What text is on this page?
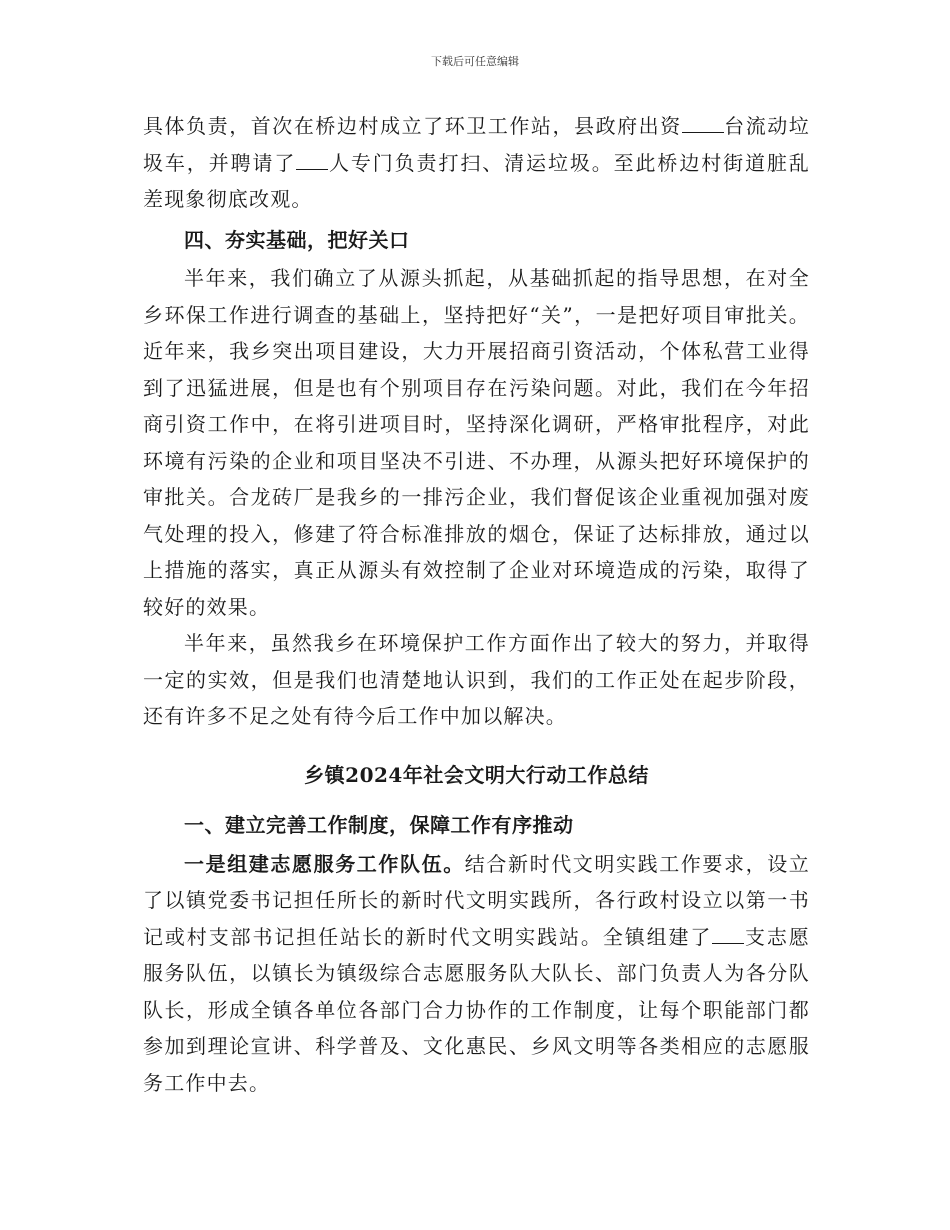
下载后可任意编辑

具体负责，首次在桥边村成立了环卫工作站，县政府出资 台流动垃圾车，并聘请了 人专门负责打扫、清运垃圾。至此桥边村街道脏乱差现象彻底改观。

四、夯实基础，把好关口

半年来，我们确立了从源头抓起，从基础抓起的指导思想，在对全乡环保工作进行调查的基础上，坚持把好“关”，一是把好项目审批关。近年来，我乡突出项目建设，大力开展招商引资活动，个体私营工业得到了迅猛进展，但是也有个别项目存在污染问题。对此，我们在今年招商引资工作中，在将引进项目时，坚持深化调研，严格审批程序，对此环境有污染的企业和项目坚决不引进、不办理，从源头把好环境保护的审批关。合龙砖厂是我乡的一排污企业，我们督促该企业重视加强对废气处理的投入，修建了符合标准排放的烟仓，保证了达标排放，通过以上措施的落实，真正从源头有效控制了企业对环境造成的污染，取得了较好的效果。

半年来，虽然我乡在环境保护工作方面作出了较大的努力，并取得一定的实效，但是我们也清楚地认识到，我们的工作正处在起步阶段，还有许多不足之处有待今后工作中加以解决。

乡镇2024年社会文明大行动工作总结

一、建立完善工作制度，保障工作有序推动

一是组建志愿服务工作队伍。结合新时代文明实践工作要求，设立了以镇党委书记担任所长的新时代文明实践所，各行政村设立以第一书记或村支部书记担任站长的新时代文明实践站。全镇组建了 支志愿服务队伍，以镇长为镇级综合志愿服务队大队长、部门负责人为各分队队长，形成全镇各单位各部门合力协作的工作制度，让每个职能部门都参加到理论宣讲、科学普及、文化惠民、乡风文明等各类相应的志愿服务工作中去。
